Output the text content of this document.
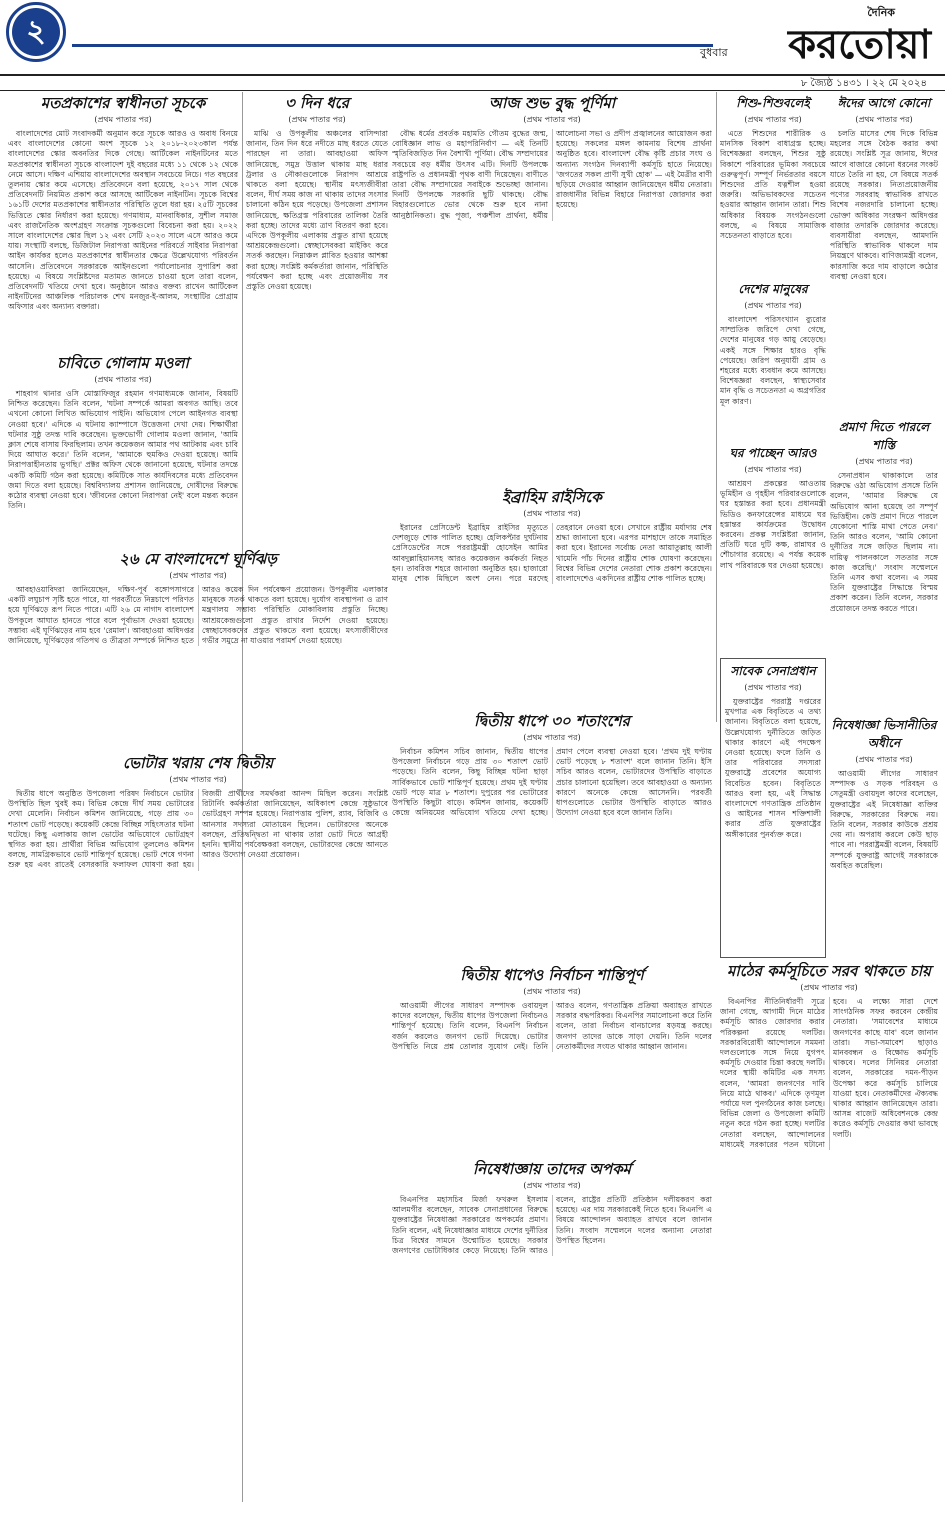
২
দৈনিক
করতোয়া
বুধবার
৮ জ্যৈষ্ঠ ১৪৩১ । ২২ মে ২০২৪
মতপ্রকাশের স্বাধীনতা সূচকে
(প্রথম পাতার পর)

বাংলাদেশের মোট সংবাদকর্মী অনুমান করে সূচকে আরও ও অবাধ বিনয়ে এবং বাংলাদেশের কোনো অংশ সূচকে ১২ ২০১৮-২০২৩কাল পর্যন্ত বাংলাদেশের স্কোর অবনতির দিকে গেছে। আর্টিকেল নাইনটিনের মতে মতপ্রকাশের স্বাধীনতা সূচকে বাংলাদেশ দুই বছরের মধ্যে ১১ থেকে ১২ থেকে নেমে আসে। দক্ষিণ এশিয়ায় বাংলাদেশের অবস্থান সবচেয়ে নিচে। গত বছরের তুলনায় স্কোর কমে এসেছে। প্রতিবেদনে বলা হয়েছে, ২০১৭ সাল থেকে প্রতিবেদনটি নিয়মিত প্রকাশ করে আসছে আর্টিকেল নাইনটিন। সূচকে বিশ্বের ১৬১টি দেশের মতপ্রকাশের স্বাধীনতার পরিস্থিতি তুলে ধরা হয়। ২৫টি সূচকের ভিত্তিতে স্কোর নির্ধারণ করা হয়েছে। গণমাধ্যম, মানবাধিকার, সুশীল সমাজ এবং রাজনৈতিক অংশগ্রহণ সংক্রান্ত সূচকগুলো বিবেচনা করা হয়। ২০২২ সালে বাংলাদেশের স্কোর ছিল ১২ এবং সেটি ২০২৩ সালে এসে আরও কমে যায়। সংস্থাটি বলছে, ডিজিটাল নিরাপত্তা আইনের পরিবর্তে সাইবার নিরাপত্তা আইন কার্যকর হলেও মতপ্রকাশের স্বাধীনতার ক্ষেত্রে উল্লেখযোগ্য পরিবর্তন আসেনি। প্রতিবেদনে সরকারকে আইনগুলো পর্যালোচনার সুপারিশ করা হয়েছে। এ বিষয়ে সংশ্লিষ্টদের মতামত জানতে চাওয়া হলে তারা বলেন, প্রতিবেদনটি খতিয়ে দেখা হবে। অনুষ্ঠানে আরও বক্তব্য রাখেন আর্টিকেল নাইনটিনের আঞ্চলিক পরিচালক শেখ মনজুর-ই-আলম, সংস্থাটির প্রোগ্রাম অফিসার এবং অন্যান্য বক্তারা।

চাবিতে গোলাম মওলা
(প্রথম পাতার পর)

শাহবাগ থানার ওসি মোস্তাফিজুর রহমান গণমাধ্যমকে জানান, বিষয়টি নিশ্চিত করেছেন। তিনি বলেন, 'ঘটনা সম্পর্কে আমরা অবগত আছি। তবে এখনো কোনো লিখিত অভিযোগ পাইনি। অভিযোগ পেলে আইনগত ব্যবস্থা নেওয়া হবে।' এদিকে এ ঘটনায় ক্যাম্পাসে উত্তেজনা দেখা দেয়। শিক্ষার্থীরা ঘটনার সুষ্ঠু তদন্ত দাবি করেছেন। ভুক্তভোগী গোলাম মওলা জানান, 'আমি ক্লাস শেষে বাসায় ফিরছিলাম। তখন কয়েকজন আমার পথ আটকায় এবং চাবি দিয়ে আঘাত করে।' তিনি বলেন, 'আমাকে হুমকিও দেওয়া হয়েছে। আমি নিরাপত্তাহীনতায় ভুগছি।' প্রক্টর অফিস থেকে জানানো হয়েছে, ঘটনার তদন্তে একটি কমিটি গঠন করা হয়েছে। কমিটিকে সাত কার্যদিবসের মধ্যে প্রতিবেদন জমা দিতে বলা হয়েছে। বিশ্ববিদ্যালয় প্রশাসন জানিয়েছে, দোষীদের বিরুদ্ধে কঠোর ব্যবস্থা নেওয়া হবে। 'জীবনের কোনো নিরাপত্তা নেই' বলে মন্তব্য করেন তিনি।

৩ দিন ধরে
(প্রথম পাতার পর)

মাঝি ও উপকূলীয় অঞ্চলের বাসিন্দারা জানান, তিন দিন ধরে নদীতে মাছ ধরতে যেতে পারছেন না তারা। আবহাওয়া অফিস জানিয়েছে, সমুদ্র উত্তাল থাকায় মাছ ধরার ট্রলার ও নৌকাগুলোকে নিরাপদ আশ্রয়ে থাকতে বলা হয়েছে। স্থানীয় মৎস্যজীবীরা বলেন, দীর্ঘ সময় কাজ না থাকায় তাদের সংসার চালানো কঠিন হয়ে পড়েছে। উপজেলা প্রশাসন জানিয়েছে, ক্ষতিগ্রস্ত পরিবারের তালিকা তৈরি করা হচ্ছে। তাদের মধ্যে ত্রাণ বিতরণ করা হবে। এদিকে উপকূলীয় এলাকায় প্রস্তুত রাখা হয়েছে আশ্রয়কেন্দ্রগুলো। স্বেচ্ছাসেবকরা মাইকিং করে সতর্ক করছেন। নিম্নাঞ্চল প্লাবিত হওয়ার আশঙ্কা করা হচ্ছে। সংশ্লিষ্ট কর্মকর্তারা জানান, পরিস্থিতি পর্যবেক্ষণ করা হচ্ছে এবং প্রয়োজনীয় সব প্রস্তুতি নেওয়া হয়েছে।

আজ শুভ বুদ্ধ পূর্ণিমা
(প্রথম পাতার পর)

বৌদ্ধ ধর্মের প্রবর্তক মহামতি গৌতম বুদ্ধের জন্ম, বোধিজ্ঞান লাভ ও মহাপরিনির্বাণ — এই তিনটি স্মৃতিবিজড়িত দিন বৈশাখী পূর্ণিমা। বৌদ্ধ সম্প্রদায়ের সবচেয়ে বড় ধর্মীয় উৎসব এটি। দিনটি উপলক্ষে রাষ্ট্রপতি ও প্রধানমন্ত্রী পৃথক বাণী দিয়েছেন। বাণীতে তারা বৌদ্ধ সম্প্রদায়ের সবাইকে শুভেচ্ছা জানান। দিনটি উপলক্ষে সরকারি ছুটি থাকছে। বৌদ্ধ বিহারগুলোতে ভোর থেকে শুরু হবে নানা আনুষ্ঠানিকতা। বুদ্ধ পূজা, পঞ্চশীল প্রার্থনা, ধর্মীয় আলোচনা সভা ও প্রদীপ প্রজ্বালনের আয়োজন করা হয়েছে। সকলের মঙ্গল কামনায় বিশেষ প্রার্থনা অনুষ্ঠিত হবে। বাংলাদেশ বৌদ্ধ কৃষ্টি প্রচার সংঘ ও অন্যান্য সংগঠন দিনব্যাপী কর্মসূচি হাতে নিয়েছে। 'জগতের সকল প্রাণী সুখী হোক' — এই মৈত্রীর বাণী ছড়িয়ে দেওয়ার আহ্বান জানিয়েছেন ধর্মীয় নেতারা। রাজধানীর বিভিন্ন বিহারে নিরাপত্তা জোরদার করা হয়েছে।

শিশু-শিশুবলেই
(প্রথম পাতার পর)

এতে শিশুদের শারীরিক ও মানসিক বিকাশ বাধাগ্রস্ত হচ্ছে। বিশেষজ্ঞরা বলছেন, শিশুর সুষ্ঠু বিকাশে পরিবারের ভূমিকা সবচেয়ে গুরুত্বপূর্ণ। সম্পূর্ণ নির্ভরতার বয়সে শিশুদের প্রতি যত্নশীল হওয়া জরুরি। অভিভাবকদের সচেতন হওয়ার আহ্বান জানান তারা। শিশু অধিকার বিষয়ক সংগঠনগুলো বলছে, এ বিষয়ে সামাজিক সচেতনতা বাড়াতে হবে।

ঈদের আগে কোনো
(প্রথম পাতার পর)

চলতি মাসের শেষ দিকে বিভিন্ন মহলের সঙ্গে বৈঠক করার কথা রয়েছে। সংশ্লিষ্ট সূত্র জানায়, ঈদের আগে বাজারে কোনো ধরনের সংকট যাতে তৈরি না হয়, সে বিষয়ে সতর্ক রয়েছে সরকার। নিত্যপ্রয়োজনীয় পণ্যের সরবরাহ স্বাভাবিক রাখতে বিশেষ নজরদারি চালানো হচ্ছে। ভোক্তা অধিকার সংরক্ষণ অধিদপ্তর বাজার তদারকি জোরদার করেছে। ব্যবসায়ীরা বলছেন, আমদানি পরিস্থিতি স্বাভাবিক থাকলে দাম নিয়ন্ত্রণে থাকবে। বাণিজ্যমন্ত্রী বলেন, কারসাজি করে দাম বাড়ালে কঠোর ব্যবস্থা নেওয়া হবে।

দেশের মানুষের
(প্রথম পাতার পর)

বাংলাদেশ পরিসংখ্যান ব্যুরোর সাম্প্রতিক জরিপে দেখা গেছে, দেশের মানুষের গড় আয়ু বেড়েছে। একই সঙ্গে শিক্ষার হারও বৃদ্ধি পেয়েছে। জরিপ অনুযায়ী গ্রাম ও শহরের মধ্যে ব্যবধান কমে আসছে। বিশেষজ্ঞরা বলছেন, স্বাস্থ্যসেবার মান বৃদ্ধি ও সচেতনতা এ অগ্রগতির মূল কারণ।

ঘর পাচ্ছেন আরও
(প্রথম পাতার পর)

আশ্রয়ণ প্রকল্পের আওতায় ভূমিহীন ও গৃহহীন পরিবারগুলোকে ঘর হস্তান্তর করা হবে। প্রধানমন্ত্রী ভিডিও কনফারেন্সের মাধ্যমে ঘর হস্তান্তর কার্যক্রমের উদ্বোধন করবেন। প্রকল্প সংশ্লিষ্টরা জানান, প্রতিটি ঘরে দুটি কক্ষ, রান্নাঘর ও শৌচাগার রয়েছে। এ পর্যন্ত কয়েক লাখ পরিবারকে ঘর দেওয়া হয়েছে।

২৬ মে বাংলাদেশে ঘূর্ণিঝড়
(প্রথম পাতার পর)

আবহাওয়াবিদরা জানিয়েছেন, দক্ষিণ-পূর্ব বঙ্গোপসাগরে একটি লঘুচাপ সৃষ্টি হতে পারে, যা পরবর্তীতে নিম্নচাপে পরিণত হয়ে ঘূর্ণিঝড়ে রূপ নিতে পারে। এটি ২৬ মে নাগাদ বাংলাদেশ উপকূলে আঘাত হানতে পারে বলে পূর্বাভাস দেওয়া হয়েছে। সম্ভাব্য এই ঘূর্ণিঝড়ের নাম হবে 'রেমাল'। আবহাওয়া অধিদপ্তর জানিয়েছে, ঘূর্ণিঝড়ের গতিপথ ও তীব্রতা সম্পর্কে নিশ্চিত হতে আরও কয়েক দিন পর্যবেক্ষণ প্রয়োজন। উপকূলীয় এলাকার মানুষকে সতর্ক থাকতে বলা হয়েছে। দুর্যোগ ব্যবস্থাপনা ও ত্রাণ মন্ত্রণালয় সম্ভাব্য পরিস্থিতি মোকাবিলায় প্রস্তুতি নিচ্ছে। আশ্রয়কেন্দ্রগুলো প্রস্তুত রাখার নির্দেশ দেওয়া হয়েছে। স্বেচ্ছাসেবকদের প্রস্তুত থাকতে বলা হয়েছে। মৎস্যজীবীদের গভীর সমুদ্রে না যাওয়ার পরামর্শ দেওয়া হয়েছে।

ইব্রাহিম রাইসিকে
(প্রথম পাতার পর)

ইরানের প্রেসিডেন্ট ইব্রাহিম রাইসির মৃত্যুতে দেশজুড়ে শোক পালিত হচ্ছে। হেলিকপ্টার দুর্ঘটনায় প্রেসিডেন্টের সঙ্গে পররাষ্ট্রমন্ত্রী হোসেইন আমির আবদুল্লাহিয়ানসহ আরও কয়েকজন কর্মকর্তা নিহত হন। তাবরিজ শহরে জানাজা অনুষ্ঠিত হয়। হাজারো মানুষ শোক মিছিলে অংশ নেন। পরে মরদেহ তেহরানে নেওয়া হবে। সেখানে রাষ্ট্রীয় মর্যাদায় শেষ শ্রদ্ধা জানানো হবে। এরপর মাশহাদে তাকে সমাহিত করা হবে। ইরানের সর্বোচ্চ নেতা আয়াতুল্লাহ আলী খামেনি পাঁচ দিনের রাষ্ট্রীয় শোক ঘোষণা করেছেন। বিশ্বের বিভিন্ন দেশের নেতারা শোক প্রকাশ করেছেন। বাংলাদেশেও একদিনের রাষ্ট্রীয় শোক পালিত হচ্ছে।

সাবেক সেনাপ্রধান
(প্রথম পাতার পর)

যুক্তরাষ্ট্রের পররাষ্ট্র দপ্তরের মুখপাত্র এক বিবৃতিতে এ তথ্য জানান। বিবৃতিতে বলা হয়েছে, উল্লেখযোগ্য দুর্নীতিতে জড়িত থাকার কারণে এই পদক্ষেপ নেওয়া হয়েছে। ফলে তিনি ও তার পরিবারের সদস্যরা যুক্তরাষ্ট্রে প্রবেশের অযোগ্য বিবেচিত হবেন। বিবৃতিতে আরও বলা হয়, এই সিদ্ধান্ত বাংলাদেশে গণতান্ত্রিক প্রতিষ্ঠান ও আইনের শাসন শক্তিশালী করার প্রতি যুক্তরাষ্ট্রের অঙ্গীকারের পুনর্ব্যক্ত করে।

প্রমাণ দিতে পারলে শাস্তি
(প্রথম পাতার পর)

সেনাপ্রধান থাকাকালে তার বিরুদ্ধে ওঠা অভিযোগ প্রসঙ্গে তিনি বলেন, 'আমার বিরুদ্ধে যে অভিযোগ আনা হয়েছে তা সম্পূর্ণ ভিত্তিহীন। কেউ প্রমাণ দিতে পারলে যেকোনো শাস্তি মাথা পেতে নেব।' তিনি আরও বলেন, 'আমি কোনো দুর্নীতির সঙ্গে জড়িত ছিলাম না। দায়িত্ব পালনকালে সততার সঙ্গে কাজ করেছি।' সংবাদ সম্মেলনে তিনি এসব কথা বলেন। এ সময় তিনি যুক্তরাষ্ট্রের সিদ্ধান্তে বিস্ময় প্রকাশ করেন। তিনি বলেন, সরকার প্রয়োজনে তদন্ত করতে পারে।

নিষেধাজ্ঞা ভিসানীতির অধীনে
(প্রথম পাতার পর)

আওয়ামী লীগের সাধারণ সম্পাদক ও সড়ক পরিবহন ও সেতুমন্ত্রী ওবায়দুল কাদের বলেছেন, যুক্তরাষ্ট্রের এই নিষেধাজ্ঞা ব্যক্তির বিরুদ্ধে, সরকারের বিরুদ্ধে নয়। তিনি বলেন, সরকার কাউকে প্রশ্রয় দেয় না। অপরাধ করলে কেউ ছাড় পাবে না। পররাষ্ট্রমন্ত্রী বলেন, বিষয়টি সম্পর্কে যুক্তরাষ্ট্র আগেই সরকারকে অবহিত করেছিল।

ভোটার খরায় শেষ দ্বিতীয়
(প্রথম পাতার পর)

দ্বিতীয় ধাপে অনুষ্ঠিত উপজেলা পরিষদ নির্বাচনে ভোটার উপস্থিতি ছিল খুবই কম। বিভিন্ন কেন্দ্রে দীর্ঘ সময় ভোটারের দেখা মেলেনি। নির্বাচন কমিশন জানিয়েছে, গড়ে প্রায় ৩০ শতাংশ ভোট পড়েছে। কয়েকটি কেন্দ্রে বিচ্ছিন্ন সহিংসতার ঘটনা ঘটেছে। কিছু এলাকায় জাল ভোটের অভিযোগে ভোটগ্রহণ স্থগিত করা হয়। প্রার্থীরা বিভিন্ন অভিযোগ তুললেও কমিশন বলছে, সামগ্রিকভাবে ভোট শান্তিপূর্ণ হয়েছে। ভোট শেষে গণনা শুরু হয় এবং রাতেই বেসরকারি ফলাফল ঘোষণা করা হয়। বিজয়ী প্রার্থীদের সমর্থকরা আনন্দ মিছিল করেন। সংশ্লিষ্ট রিটার্নিং কর্মকর্তারা জানিয়েছেন, অধিকাংশ কেন্দ্রে সুষ্ঠুভাবে ভোটগ্রহণ সম্পন্ন হয়েছে। নিরাপত্তায় পুলিশ, র‍্যাব, বিজিবি ও আনসার সদস্যরা মোতায়েন ছিলেন। ভোটারদের অনেকে বলছেন, প্রতিদ্বন্দ্বিতা না থাকায় তারা ভোট দিতে আগ্রহী হননি। স্থানীয় পর্যবেক্ষকরা বলছেন, ভোটারদের কেন্দ্রে আনতে আরও উদ্যোগ নেওয়া প্রয়োজন।

দ্বিতীয় ধাপে ৩০ শতাংশের
(প্রথম পাতার পর)

নির্বাচন কমিশন সচিব জানান, দ্বিতীয় ধাপের উপজেলা নির্বাচনে গড়ে প্রায় ৩০ শতাংশ ভোট পড়েছে। তিনি বলেন, কিছু বিচ্ছিন্ন ঘটনা ছাড়া সার্বিকভাবে ভোট শান্তিপূর্ণ হয়েছে। প্রথম দুই ঘণ্টায় ভোট পড়ে মাত্র ৮ শতাংশ। দুপুরের পর ভোটারের উপস্থিতি কিছুটা বাড়ে। কমিশন জানায়, কয়েকটি কেন্দ্রে অনিয়মের অভিযোগ খতিয়ে দেখা হচ্ছে। প্রমাণ পেলে ব্যবস্থা নেওয়া হবে। 'প্রথম দুই ঘণ্টায় ভোট পড়েছে ৮ শতাংশ' বলে জানান তিনি। ইসি সচিব আরও বলেন, ভোটারদের উপস্থিতি বাড়াতে প্রচার চালানো হয়েছিল। তবে আবহাওয়া ও অন্যান্য কারণে অনেকে কেন্দ্রে আসেননি। পরবর্তী ধাপগুলোতে ভোটার উপস্থিতি বাড়াতে আরও উদ্যোগ নেওয়া হবে বলে জানান তিনি।

দ্বিতীয় ধাপেও নির্বাচন শান্তিপূর্ণ
(প্রথম পাতার পর)

আওয়ামী লীগের সাধারণ সম্পাদক ওবায়দুল কাদের বলেছেন, দ্বিতীয় ধাপের উপজেলা নির্বাচনও শান্তিপূর্ণ হয়েছে। তিনি বলেন, বিএনপি নির্বাচন বর্জন করলেও জনগণ ভোট দিয়েছে। ভোটার উপস্থিতি নিয়ে প্রশ্ন তোলার সুযোগ নেই। তিনি আরও বলেন, গণতান্ত্রিক প্রক্রিয়া অব্যাহত রাখতে সরকার বদ্ধপরিকর। বিএনপির সমালোচনা করে তিনি বলেন, তারা নির্বাচন বানচালের ষড়যন্ত্র করছে। জনগণ তাদের ডাকে সাড়া দেয়নি। তিনি দলের নেতাকর্মীদের সংযত থাকার আহ্বান জানান।

নিষেধাজ্ঞায় তাদের অপকর্ম
(প্রথম পাতার পর)

বিএনপির মহাসচিব মির্জা ফখরুল ইসলাম আলমগীর বলেছেন, সাবেক সেনাপ্রধানের বিরুদ্ধে যুক্তরাষ্ট্রের নিষেধাজ্ঞা সরকারের অপকর্মের প্রমাণ। তিনি বলেন, এই নিষেধাজ্ঞার মাধ্যমে দেশের দুর্নীতির চিত্র বিশ্বের সামনে উন্মোচিত হয়েছে। সরকার জনগণের ভোটাধিকার কেড়ে নিয়েছে। তিনি আরও বলেন, রাষ্ট্রের প্রতিটি প্রতিষ্ঠান দলীয়করণ করা হয়েছে। এর দায় সরকারকেই নিতে হবে। বিএনপি এ বিষয়ে আন্দোলন অব্যাহত রাখবে বলে জানান তিনি। সংবাদ সম্মেলনে দলের অন্যান্য নেতারা উপস্থিত ছিলেন।

মাঠের কর্মসূচিতে সরব থাকতে চায়
(প্রথম পাতার পর)

বিএনপির নীতিনির্ধারণী সূত্রে জানা গেছে, আগামী দিনে মাঠের কর্মসূচি আরও জোরদার করার পরিকল্পনা রয়েছে দলটির। সরকারবিরোধী আন্দোলনে সমমনা দলগুলোকে সঙ্গে নিয়ে যুগপৎ কর্মসূচি দেওয়ার চিন্তা করছে দলটি। দলের স্থায়ী কমিটির এক সদস্য বলেন, 'আমরা জনগণের দাবি নিয়ে মাঠে থাকব।' এদিকে তৃণমূল পর্যায়ে দল পুনর্গঠনের কাজ চলছে। বিভিন্ন জেলা ও উপজেলা কমিটি নতুন করে গঠন করা হচ্ছে। দলটির নেতারা বলছেন, আন্দোলনের মাধ্যমেই সরকারের পতন ঘটানো হবে। এ লক্ষ্যে সারা দেশে সাংগঠনিক সফর করবেন কেন্দ্রীয় নেতারা। 'সমাবেশের মাধ্যমে জনগণের কাছে যাব' বলে জানান তারা। সভা-সমাবেশ ছাড়াও মানববন্ধন ও বিক্ষোভ কর্মসূচি থাকবে। দলের সিনিয়র নেতারা বলেন, সরকারের দমন-পীড়ন উপেক্ষা করে কর্মসূচি চালিয়ে যাওয়া হবে। নেতাকর্মীদের ঐক্যবদ্ধ থাকার আহ্বান জানিয়েছেন তারা। আসন্ন বাজেট অধিবেশনকে কেন্দ্র করেও কর্মসূচি দেওয়ার কথা ভাবছে দলটি।
